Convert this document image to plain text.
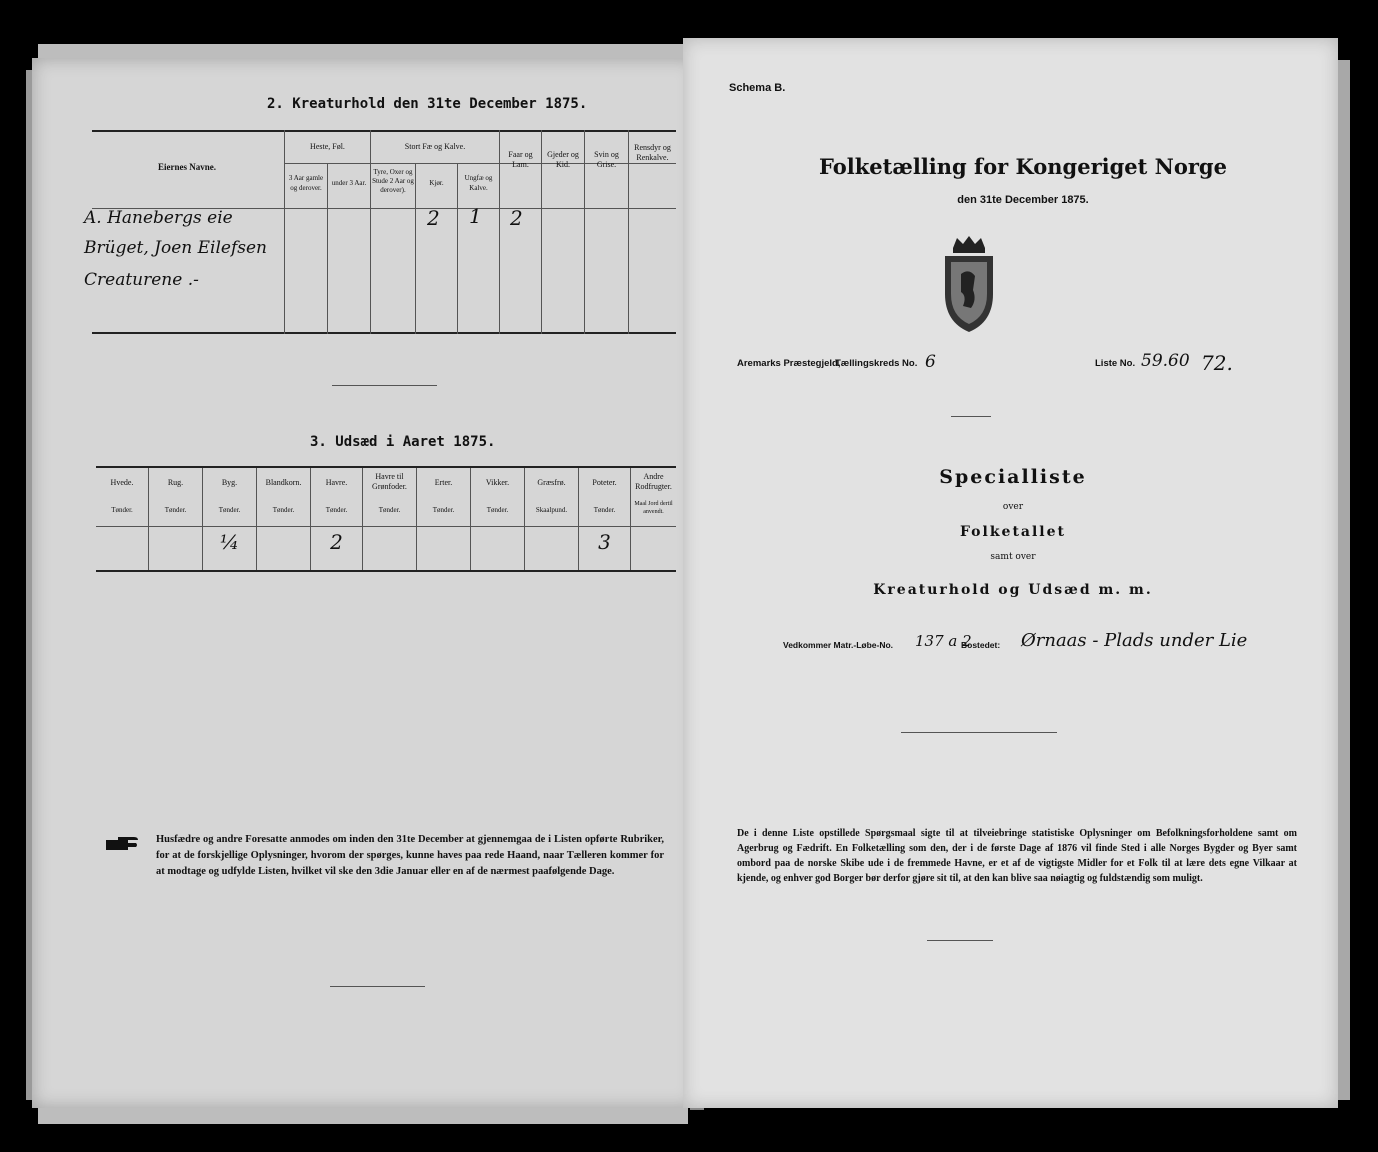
2. Kreaturhold den 31te December 1875.
Eiernes Navne.
Heste, Føl.
3 Aar gamle og derover.
under 3 Aar.
Stort Fæ og Kalve.
Tyre, Oxer og Stude 2 Aar og derover).
Kjør.
Ungfæ og Kalve.
Faar og Lam.
Gjeder og Kid.
Svin og Grise.
Rensdyr og Renkalve.
A. Hanebergs eie
Brüget, Joen Eilefsen
Creaturene .-
2 1 2
3. Udsæd i Aaret 1875.
Hvede.
Tønder.
Rug.
Tønder.
Byg.
Tønder.
¼
Blandkorn.
Tønder.
Havre.
Tønder.
2
Havre til Grønfoder.
Tønder.
Erter.
Tønder.
Vikker.
Tønder.
Græsfrø.
Skaalpund.
Poteter.
Tønder.
3
Andre Rodfrugter.
Maal Jord dertil anvendt.
Husfædre og andre Foresatte anmodes om inden den 31te December at gjennemgaa de i Listen opførte Rubriker, for at de forskjellige Oplysninger, hvorom der spørges, kunne haves paa rede Haand, naar Tælleren kommer for at modtage og udfylde Listen, hvilket vil ske den 3die Januar eller en af de nærmest paafølgende Dage.
Schema B.
Folketælling for Kongeriget Norge
den 31te December 1875.
Aremarks Præstegjeld,
Tællingskreds No. 6	Liste No. 59.60 72.
Specialliste
over
Folketallet
samt over
Kreaturhold og Udsæd m. m.
Vedkommer Matr.-Løbe-No. 137 a 2
Bostedet: Ørnaas - Plads under Lie
De i denne Liste opstillede Spørgsmaal sigte til at tilveiebringe statistiske Oplysninger om Befolkningsforholdene samt om Agerbrug og Fædrift. En Folketælling som den, der i de første Dage af 1876 vil finde Sted i alle Norges Bygder og Byer samt ombord paa de norske Skibe ude i de fremmede Havne, er et af de vigtigste Midler for et Folk til at lære dets egne Vilkaar at kjende, og enhver god Borger bør derfor gjøre sit til, at den kan blive saa nøiagtig og fuldstændig som muligt.
